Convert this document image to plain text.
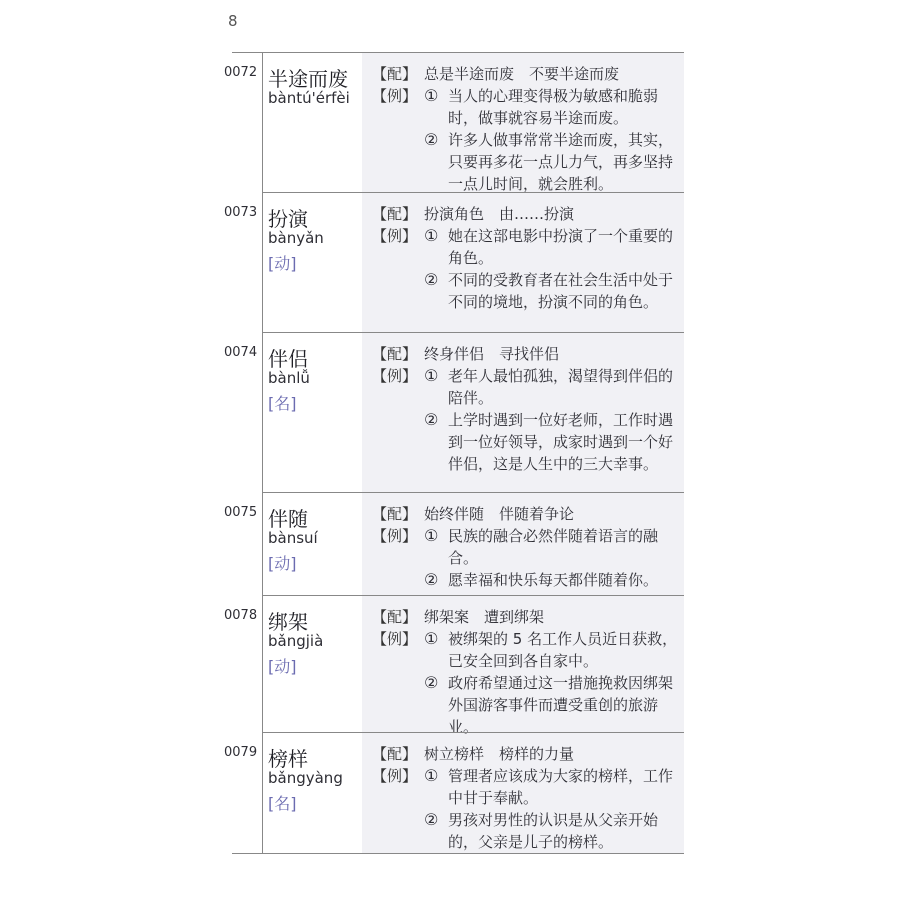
8
0072 半途而废
bàntú'érfèi
【配】 总是半途而废　不要半途而废
【例】 ① 当人的心理变得极为敏感和脆弱时，做事就容易半途而废。
② 许多人做事常常半途而废，其实，只要再多花一点儿力气，再多坚持一点儿时间，就会胜利。
0073 扮演
bànyǎn
[动]
【配】 扮演角色　由……扮演
【例】 ① 她在这部电影中扮演了一个重要的角色。
② 不同的受教育者在社会生活中处于不同的境地，扮演不同的角色。
0074 伴侣
bànlǚ
[名]
【配】 终身伴侣　寻找伴侣
【例】 ① 老年人最怕孤独，渴望得到伴侣的陪伴。
② 上学时遇到一位好老师，工作时遇到一位好领导，成家时遇到一个好伴侣，这是人生中的三大幸事。
0075 伴随
bànsuí
[动]
【配】 始终伴随　伴随着争论
【例】 ① 民族的融合必然伴随着语言的融合。
② 愿幸福和快乐每天都伴随着你。
0078 绑架
bǎngjià
[动]
【配】 绑架案　遭到绑架
【例】 ① 被绑架的 5 名工作人员近日获救，已安全回到各自家中。
② 政府希望通过这一措施挽救因绑架外国游客事件而遭受重创的旅游业。
0079 榜样
bǎngyàng
[名]
【配】 树立榜样　榜样的力量
【例】 ① 管理者应该成为大家的榜样，工作中甘于奉献。
② 男孩对男性的认识是从父亲开始的，父亲是儿子的榜样。
